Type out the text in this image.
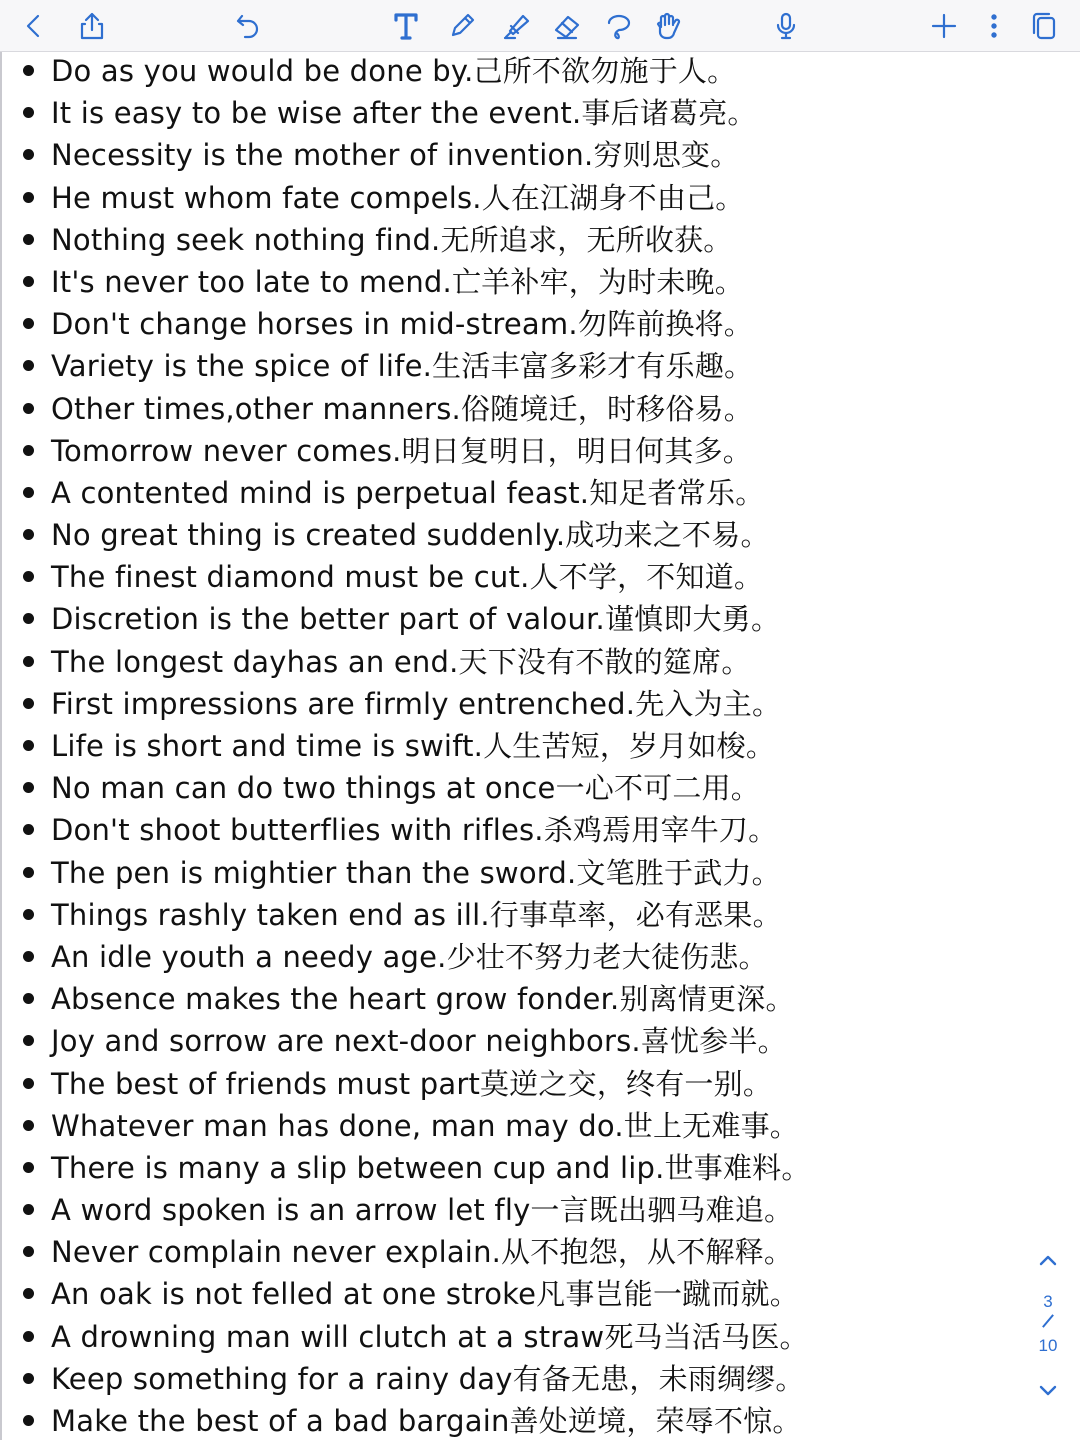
Do as you would be done by.己所不欲勿施于人。
It is easy to be wise after the event.事后诸葛亮。
Necessity is the mother of invention.穷则思变。
He must whom fate compels.人在江湖身不由己。
Nothing seek nothing find.无所追求，无所收获。
It's never too late to mend.亡羊补牢，为时未晚。
Don't change horses in mid-stream.勿阵前换将。
Variety is the spice of life.生活丰富多彩才有乐趣。
Other times,other manners.俗随境迁，时移俗易。
Tomorrow never comes.明日复明日，明日何其多。
A contented mind is perpetual feast.知足者常乐。
No great thing is created suddenly.成功来之不易。
The finest diamond must be cut.人不学，不知道。
Discretion is the better part of valour.谨慎即大勇。
The longest dayhas an end.天下没有不散的筵席。
First impressions are firmly entrenched.先入为主。
Life is short and time is swift.人生苦短，岁月如梭。
No man can do two things at once一心不可二用。
Don't shoot butterflies with rifles.杀鸡焉用宰牛刀。
The pen is mightier than the sword.文笔胜于武力。
Things rashly taken end as ill.行事草率，必有恶果。
An idle youth a needy age.少壮不努力老大徒伤悲。
Absence makes the heart grow fonder.别离情更深。
Joy and sorrow are next-door neighbors.喜忧参半。
The best of friends must part莫逆之交，终有一别。
Whatever man has done, man may do.世上无难事。
There is many a slip between cup and lip.世事难料。
A word spoken is an arrow let fly一言既出驷马难追。
Never complain never explain.从不抱怨，从不解释。
An oak is not felled at one stroke凡事岂能一蹴而就。
A drowning man will clutch at a straw死马当活马医。
Keep something for a rainy day有备无患，未雨绸缪。
Make the best of a bad bargain善处逆境，荣辱不惊。
3
10
